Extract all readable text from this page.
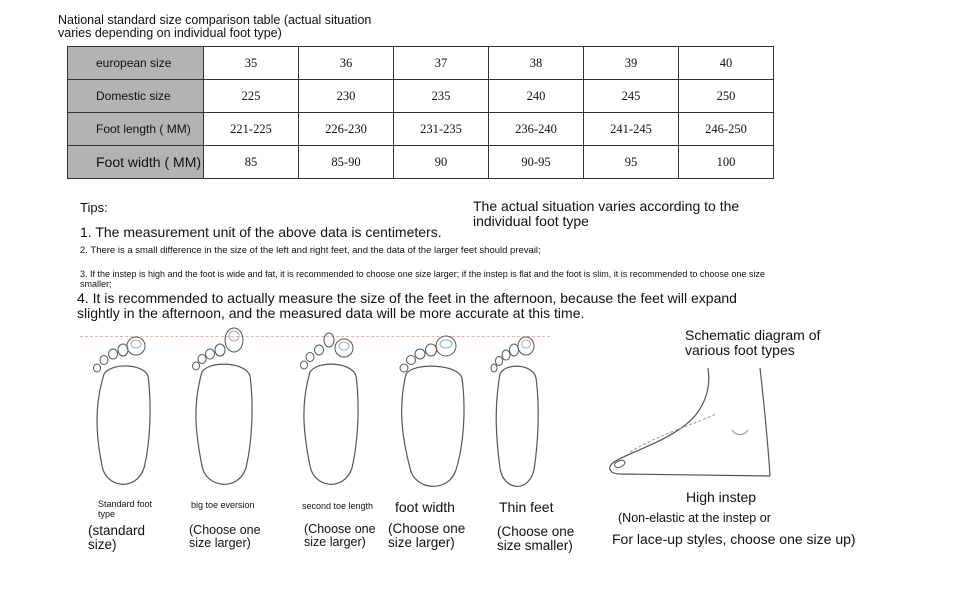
National standard size comparison table (actual situation varies depending on individual foot type)
european size	35	36	37	38	39	40
Domestic size	225	230	235	240	245	250
Foot length ( MM)	221-225	226-230	231-235	236-240	241-245	246-250
Foot width ( MM)	85	85-90	90	90-95	95	100
Tips:	The actual situation varies according to the individual foot type
1. The measurement unit of the above data is centimeters.
2. There is a small difference in the size of the left and right feet, and the data of the larger feet should prevail;
3. If the instep is high and the foot is wide and fat, it is recommended to choose one size larger; if the instep is flat and the foot is slim, it is recommended to choose one size smaller;
4. It is recommended to actually measure the size of the feet in the afternoon, because the feet will expand slightly in the afternoon, and the measured data will be more accurate at this time.
Standard foot type
big toe eversion	second toe length	foot width	Thin feet
(standard size)
(Choose one size larger)
(Choose one size larger)
(Choose one size larger)
(Choose one size smaller)
Schematic diagram of various foot types
High instep
(Non-elastic at the instep or
For lace-up styles, choose one size up)
